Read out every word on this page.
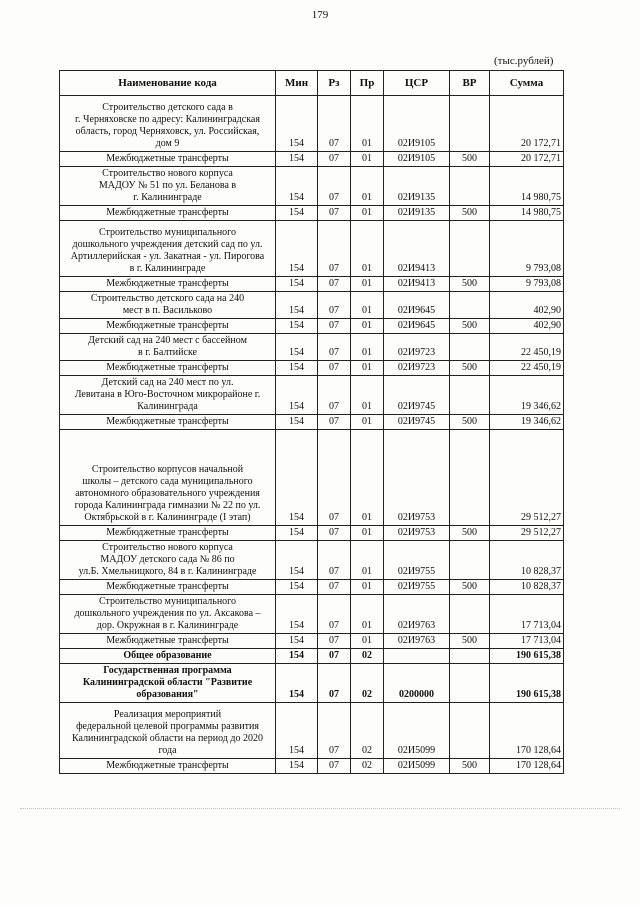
179
(тыс.рублей)
Наименование кода	Мин	Рз	Пр	ЦСР	ВР	Сумма
Строительство детского сада в
г. Черняховске по адресу: Калининградская
область, город Черняховск, ул. Российская,
дом 9	154	07	01	02И9105		20 172,71
Межбюджетные трансферты	154	07	01	02И9105	500	20 172,71
Строительство нового корпуса
МАДОУ № 51 по ул. Беланова в
г. Калининграде	154	07	01	02И9135		14 980,75
Межбюджетные трансферты	154	07	01	02И9135	500	14 980,75
Строительство муниципального
дошкольного учреждения детский сад по ул.
Артиллерийская - ул. Закатная - ул. Пирогова
в г. Калининграде	154	07	01	02И9413		9 793,08
Межбюджетные трансферты	154	07	01	02И9413	500	9 793,08
Строительство детского сада на 240
мест в п. Васильково	154	07	01	02И9645		402,90
Межбюджетные трансферты	154	07	01	02И9645	500	402,90
Детский сад на 240 мест с бассейном
в г. Балтийске	154	07	01	02И9723		22 450,19
Межбюджетные трансферты	154	07	01	02И9723	500	22 450,19
Детский сад на 240 мест по ул.
Левитана в Юго-Восточном микрорайоне г.
Калининграда	154	07	01	02И9745		19 346,62
Межбюджетные трансферты	154	07	01	02И9745	500	19 346,62
Строительство корпусов начальной
школы – детского сада муниципального
автономного образовательного учреждения
города Калининграда гимназии № 22 по ул.
Октябрьской в г. Калининграде (I этап)	154	07	01	02И9753		29 512,27
Межбюджетные трансферты	154	07	01	02И9753	500	29 512,27
Строительство нового корпуса
МАДОУ детского сада № 86 по
ул.Б. Хмельницкого, 84 в г. Калининграде	154	07	01	02И9755		10 828,37
Межбюджетные трансферты	154	07	01	02И9755	500	10 828,37
Строительство муниципального
дошкольного учреждения по ул. Аксакова –
дор. Окружная в г. Калининграде	154	07	01	02И9763		17 713,04
Межбюджетные трансферты	154	07	01	02И9763	500	17 713,04
Общее образование	154	07	02			190 615,38
Государственная программа
Калининградской области "Развитие
образования"	154	07	02	0200000		190 615,38
Реализация мероприятий
федеральной целевой программы развития
Калининградской области на период до 2020
года	154	07	02	02И5099		170 128,64
Межбюджетные трансферты	154	07	02	02И5099	500	170 128,64
